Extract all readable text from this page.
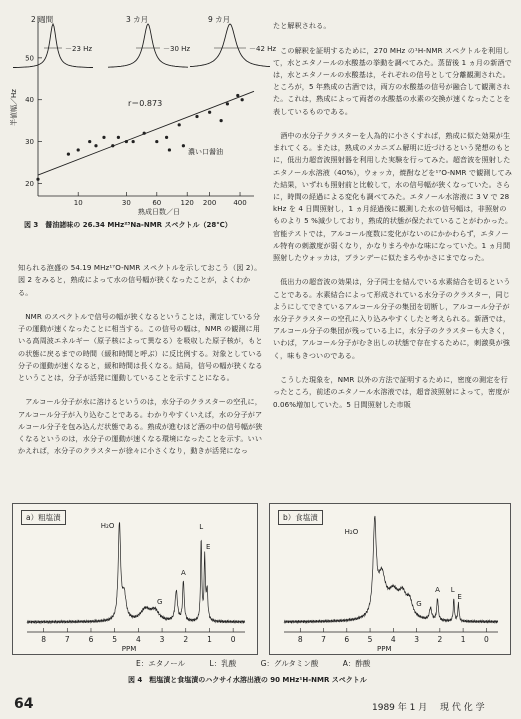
2 週間
－23 Hz
3 カ月
－30 Hz
9 カ月
－42 Hz
10	30	60	120 200 400
20
30
40
50
r＝0.873
濃い口醤油
熟成日数／日
半値幅／Hz
図 3　醤油諸味の 26.34 MHz²³Na-NMR スペクトル（28℃）

知られる泡盛の 54.19 MHz¹⁷O-NMR スペクトルを示しておこう（図 2）。図 2 をみると，熟成によって水の信号幅が狭くなったことが，よくわかる。

　NMR のスペクトルで信号の幅が狭くなるということは，測定している分子の運動が速くなったことに相当する。この信号の幅は，NMR の観測に用いる高周波エネルギー（原子核によって異なる）を吸収した原子核が，もとの状態に戻るまでの時間（緩和時間と呼ぶ）に反比例する。対象としている分子の運動が速くなると，緩和時間は長くなる。結局，信号の幅が狭くなるということは，分子が活発に運動していることを示すことになる。

　アルコール分子が水に溶けるというのは，水分子のクラスターの空孔に，アルコール分子が入り込むことである。わかりやすくいえば，水の分子がアルコール分子を包み込んだ状態である。熟成が進むほど酒の中の信号幅が狭くなるというのは，水分子の運動が速くなる環境になったことを示す。いいかえれば，水分子のクラスターが徐々に小さくなり，動きが活発になっ

たと解釈される。

　この解釈を証明するために，270 MHz の¹H-NMR スペクトルを利用して，水とエタノールの水酸基の挙動を調べてみた。蒸留後 1 ヵ月の新酒では，水とエタノールの水酸基は，それぞれの信号として分離観測された。ところが，5 年熟成の古酒では，両方の水酸基の信号が融合して観測された。これは，熟成によって両者の水酸基の水素の交換が速くなったことを表しているものである。

　酒中の水分子クラスターを人為的に小さくすれば，熟成に似た効果が生まれてくる。または，熟成のメカニズム解明に近づけるという発想のもとに，低出力超音波照射器を利用した実験を行ってみた。超音波を照射したエタノール水溶液（40%），ウォッカ，焼酎などを¹⁷O-NMR で観測してみた結果，いずれも照射前と比較して，水の信号幅が狭くなっていた。さらに，時間の経過による変化も調べてみた。エタノール水溶液に 3 V で 28 kHz を 4 日間照射し，1 ヵ月経過後に観測した水の信号幅は，非照射のものより 5 %減少しており，熟成的状態が保たれていることがわかった。官能テストでは，アルコール度数に変化がないのにかかわらず，エタノール特有の刺激度が弱くなり，かなりまろやかな味になっていた。1 ヵ月間照射したウォッカは，ブランデーに似たまろやかさにまでなった。

　低出力の超音波の効果は，分子同士を結んでいる水素結合を切るということである。水素結合によって形成されている水分子のクラスター，同じようにしてできているアルコール分子の集団を切断し，アルコール分子が水分子クラスターの空孔に入り込みやすくしたと考えられる。新酒では，アルコール分子の集団が残っている上に，水分子のクラスターも大きく，いわば，アルコール分子がむき出しの状態で存在するために，刺激臭が強く，味もきついのである。

　こうした現象を，NMR 以外の方法で証明するために，密度の測定を行ったところ，前述のエタノール水溶液では，超音波照射によって，密度が 0.06%増加していた。5 日間照射した市販

a）粗塩漬
8	7	6	5	4	3	2	1	0
PPM
H₂O	L
E
A
G
b）食塩漬
8 7 6 5 4 3 2 1 0
PPM
H₂O
G
A L
E
E：エタノール	L：乳酸	G：グルタミン酸	A：酢酸
図 4　粗塩漬と食塩漬のハクサイ水溶出液の 90 MHz¹H-NMR スペクトル
64	1989 年 1 月 現 代 化 学
